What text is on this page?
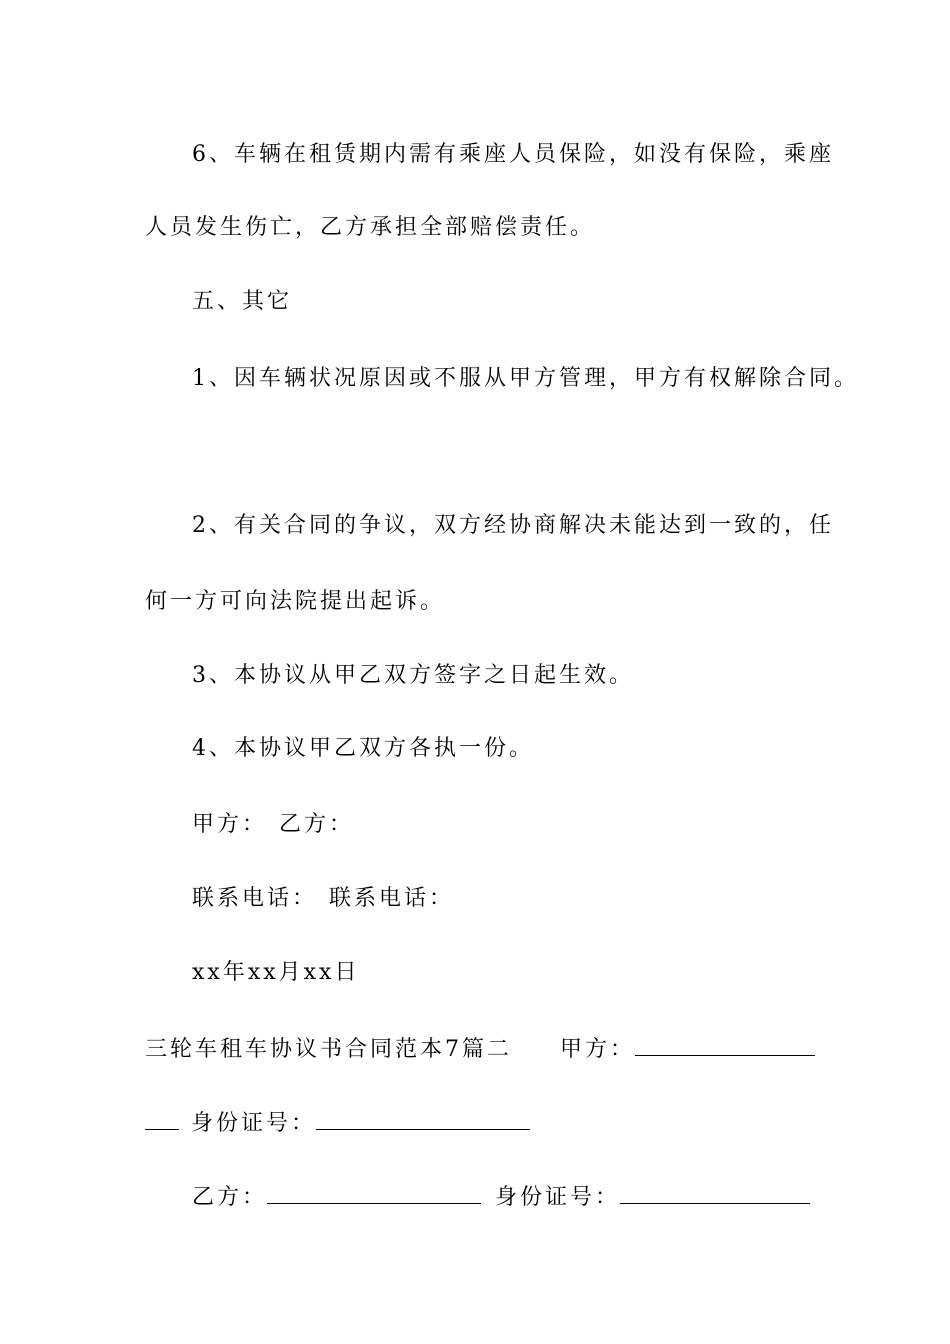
6、车辆在租赁期内需有乘座人员保险，如没有保险，乘座
人员发生伤亡，乙方承担全部赔偿责任。
五、其它
1、因车辆状况原因或不服从甲方管理，甲方有权解除合同。
2、有关合同的争议，双方经协商解决未能达到一致的，任
何一方可向法院提出起诉。
3、本协议从甲乙双方签字之日起生效。
4、本协议甲乙双方各执一份。
甲方： 乙方：
联系电话： 联系电话：
xx年xx月xx日
三轮车租车协议书合同范本7篇二 甲方：
身份证号：
乙方：	身份证号：
